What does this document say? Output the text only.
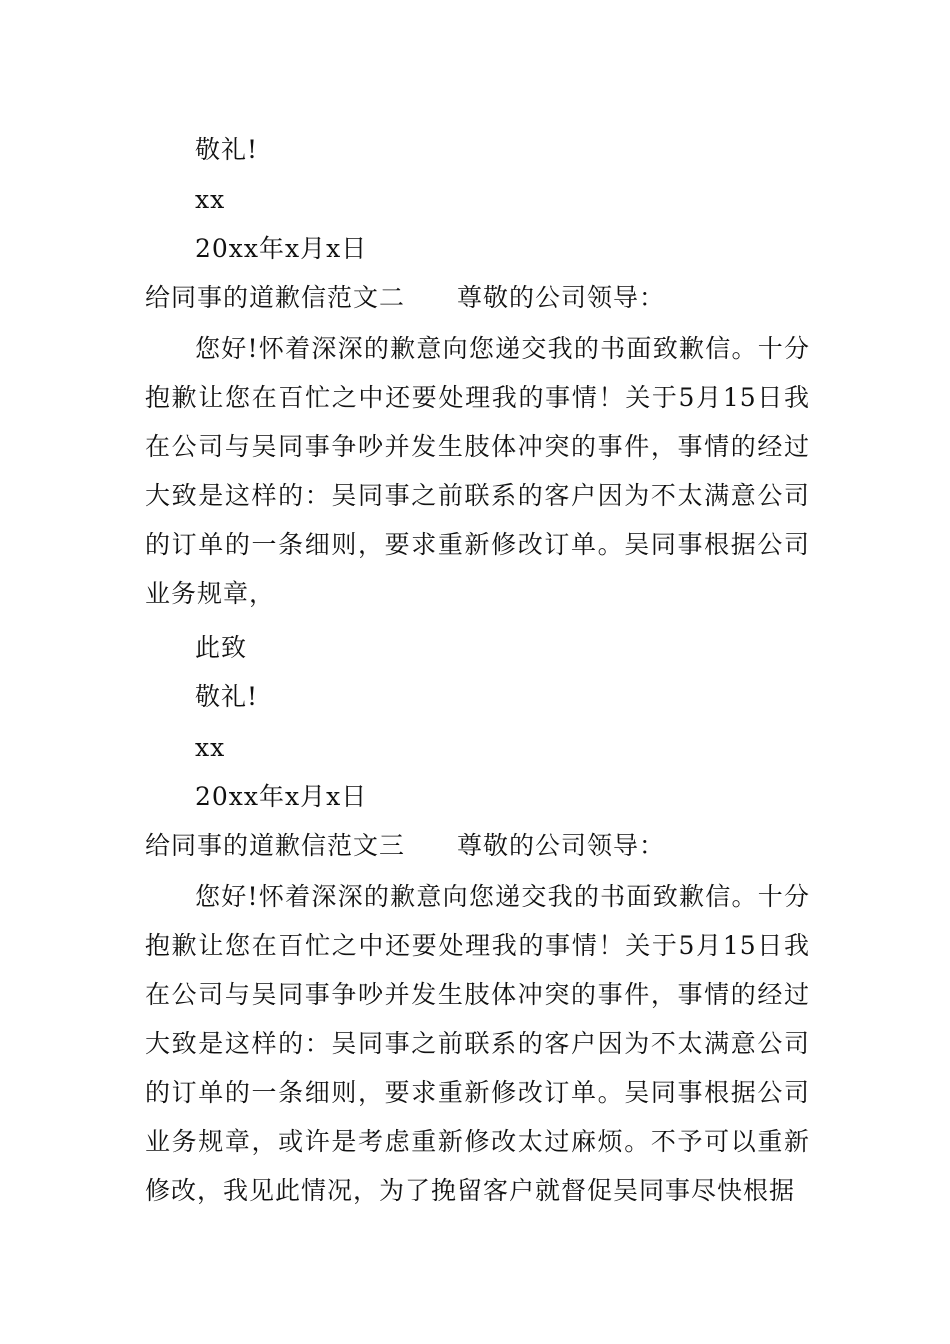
敬礼!
xx
20xx年x月x日
给同事的道歉信范文二 尊敬的公司领导：
您好!怀着深深的歉意向您递交我的书面致歉信。十分抱歉让您在百忙之中还要处理我的事情！关于5月15日我在公司与吴同事争吵并发生肢体冲突的事件，事情的经过大致是这样的：吴同事之前联系的客户因为不太满意公司的订单的一条细则，要求重新修改订单。吴同事根据公司业务规章，
此致
敬礼!
xx
20xx年x月x日
给同事的道歉信范文三 尊敬的公司领导：
您好!怀着深深的歉意向您递交我的书面致歉信。十分抱歉让您在百忙之中还要处理我的事情！关于5月15日我在公司与吴同事争吵并发生肢体冲突的事件，事情的经过大致是这样的：吴同事之前联系的客户因为不太满意公司的订单的一条细则，要求重新修改订单。吴同事根据公司业务规章，或许是考虑重新修改太过麻烦。不予可以重新修改，我见此情况，为了挽留客户就督促吴同事尽快根据
